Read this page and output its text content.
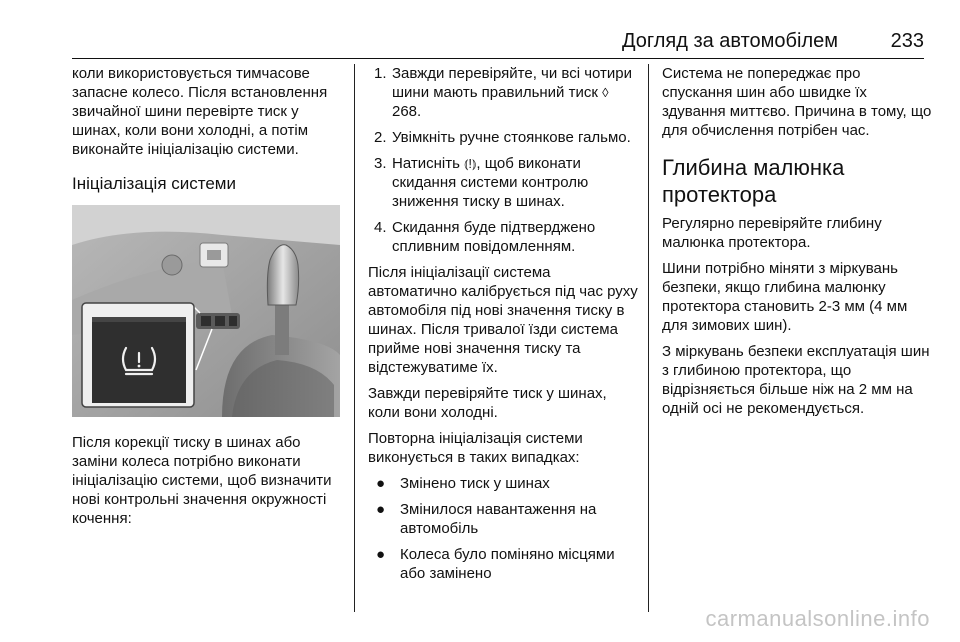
Догляд за автомобілем	233

коли використовується тимчасове запасне колесо. Після встановлення звичайної шини перевірте тиск у шинах, коли вони холодні, а потім виконайте ініціалізацію системи.

Ініціалізація системи

Після корекції тиску в шинах або заміни колеса потрібно виконати ініціалізацію системи, щоб визначити нові контрольні значення окружності кочення:

1. Завжди перевіряйте, чи всі чотири шини мають правильний тиск ◊ 268.
2. Увімкніть ручне стоянкове гальмо.
3. Натисніть ⦅!⦆, щоб виконати скидання системи контролю зниження тиску в шинах.
4. Скидання буде підтверджено спливним повідомленням.

Після ініціалізації система автоматично калібрується під час руху автомобіля під нові значення тиску в шинах. Після тривалої їзди система прийме нові значення тиску та відстежуватиме їх.

Завжди перевіряйте тиск у шинах, коли вони холодні.

Повторна ініціалізація системи виконується в таких випадках:

● Змінено тиск у шинах
● Змінилося навантаження на автомобіль
● Колеса було поміняно місцями або замінено

Система не попереджає про спускання шин або швидке їх здування миттєво. Причина в тому, що для обчислення потрібен час.

Глибина малюнка протектора

Регулярно перевіряйте глибину малюнка протектора.

Шини потрібно міняти з міркувань безпеки, якщо глибина малюнку протектора становить 2-3 мм (4 мм для зимових шин).

З міркувань безпеки експлуатація шин з глибиною протектора, що відрізняється більше ніж на 2 мм на одній осі не рекомендується.

carmanualsonline.info
